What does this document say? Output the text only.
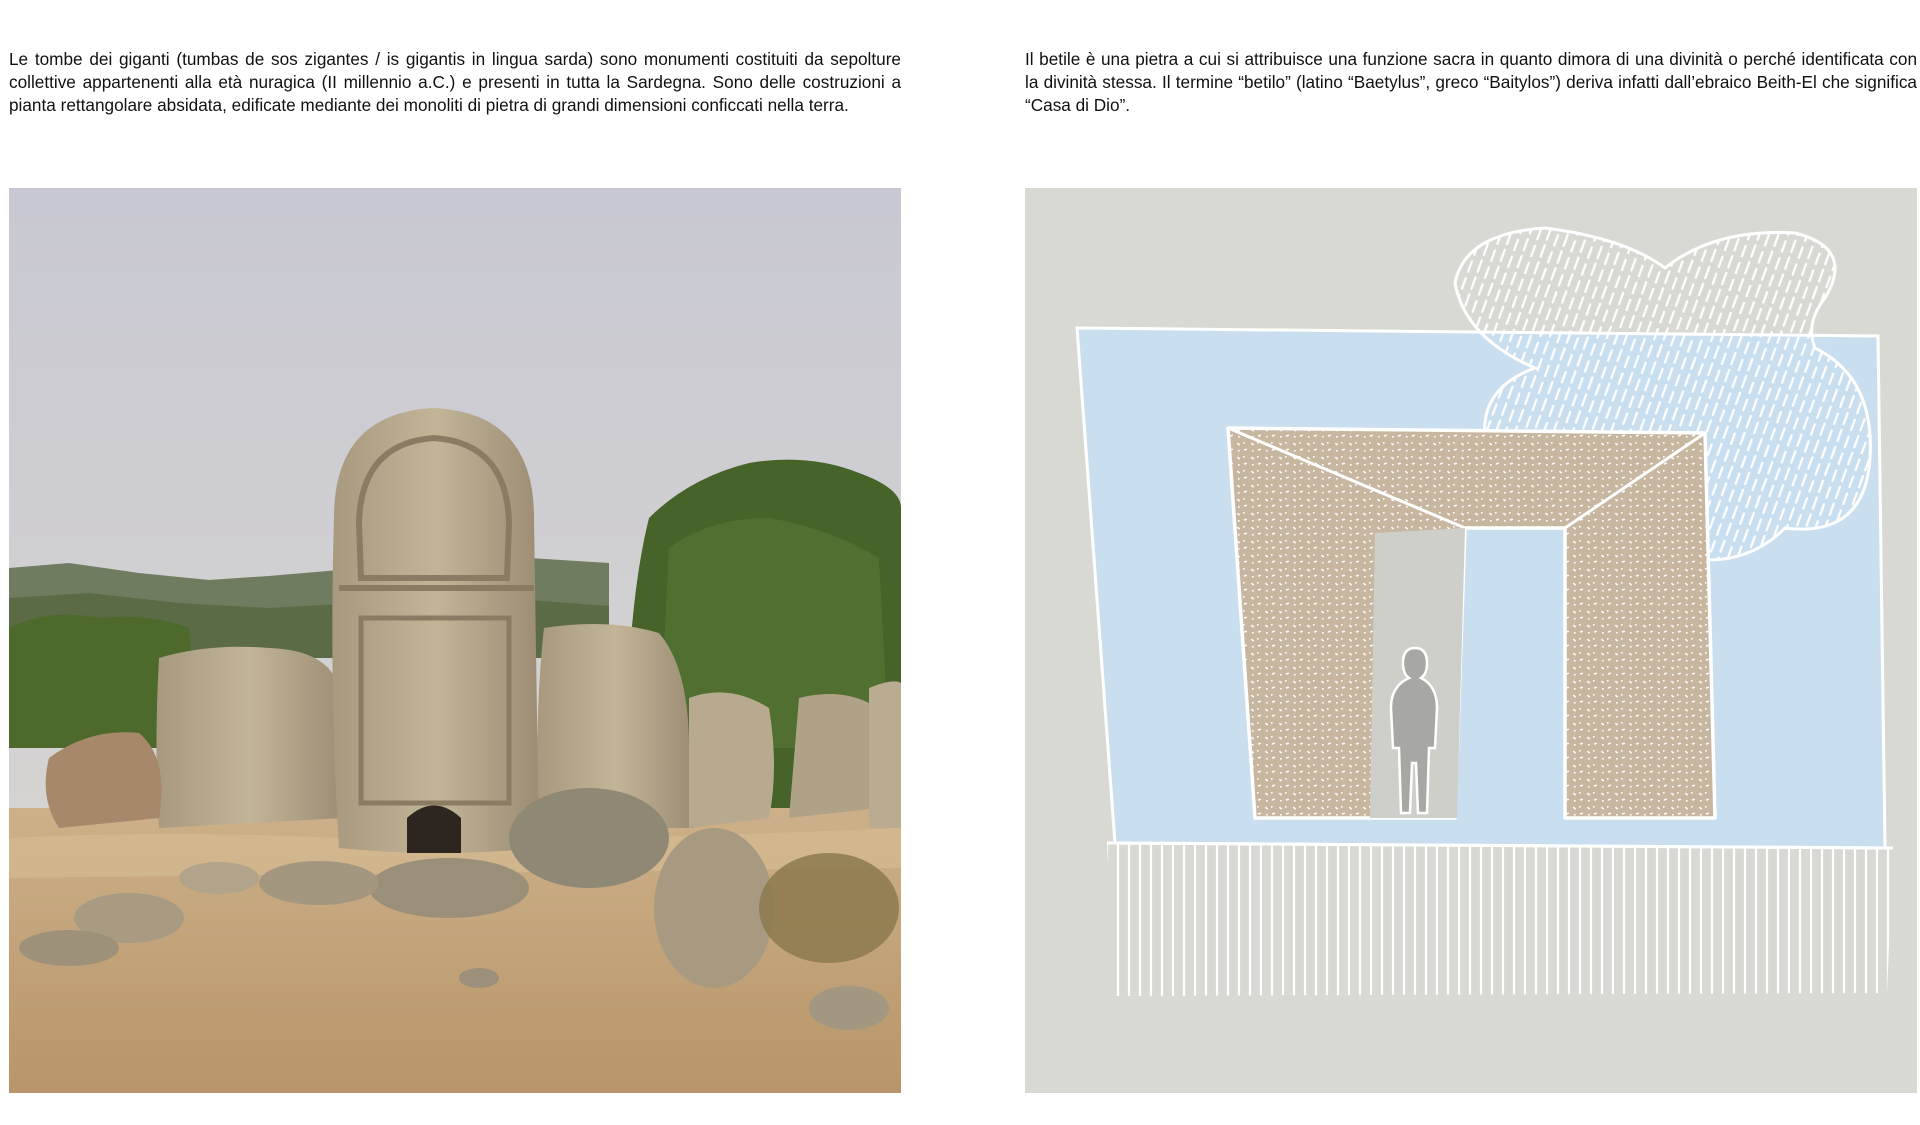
Le tombe dei giganti (tumbas de sos zigantes / is gigantis in lingua sarda) sono monumenti costituiti da sepolture collettive appartenenti alla età nuragica (II millennio a.C.) e presenti in tutta la Sardegna. Sono delle costruzioni a pianta rettangolare absidata, edificate mediante dei monoliti di pietra di grandi dimensioni conficcati nella terra.

Il betile è una pietra a cui si attribuisce una funzione sacra in quanto dimora di una divinità o perché identificata con la divinità stessa. Il termine “betilo” (latino “Baetylus”, greco “Baitylos”) deriva infatti dall’ebraico Beith-El che significa “Casa di Dio”.
